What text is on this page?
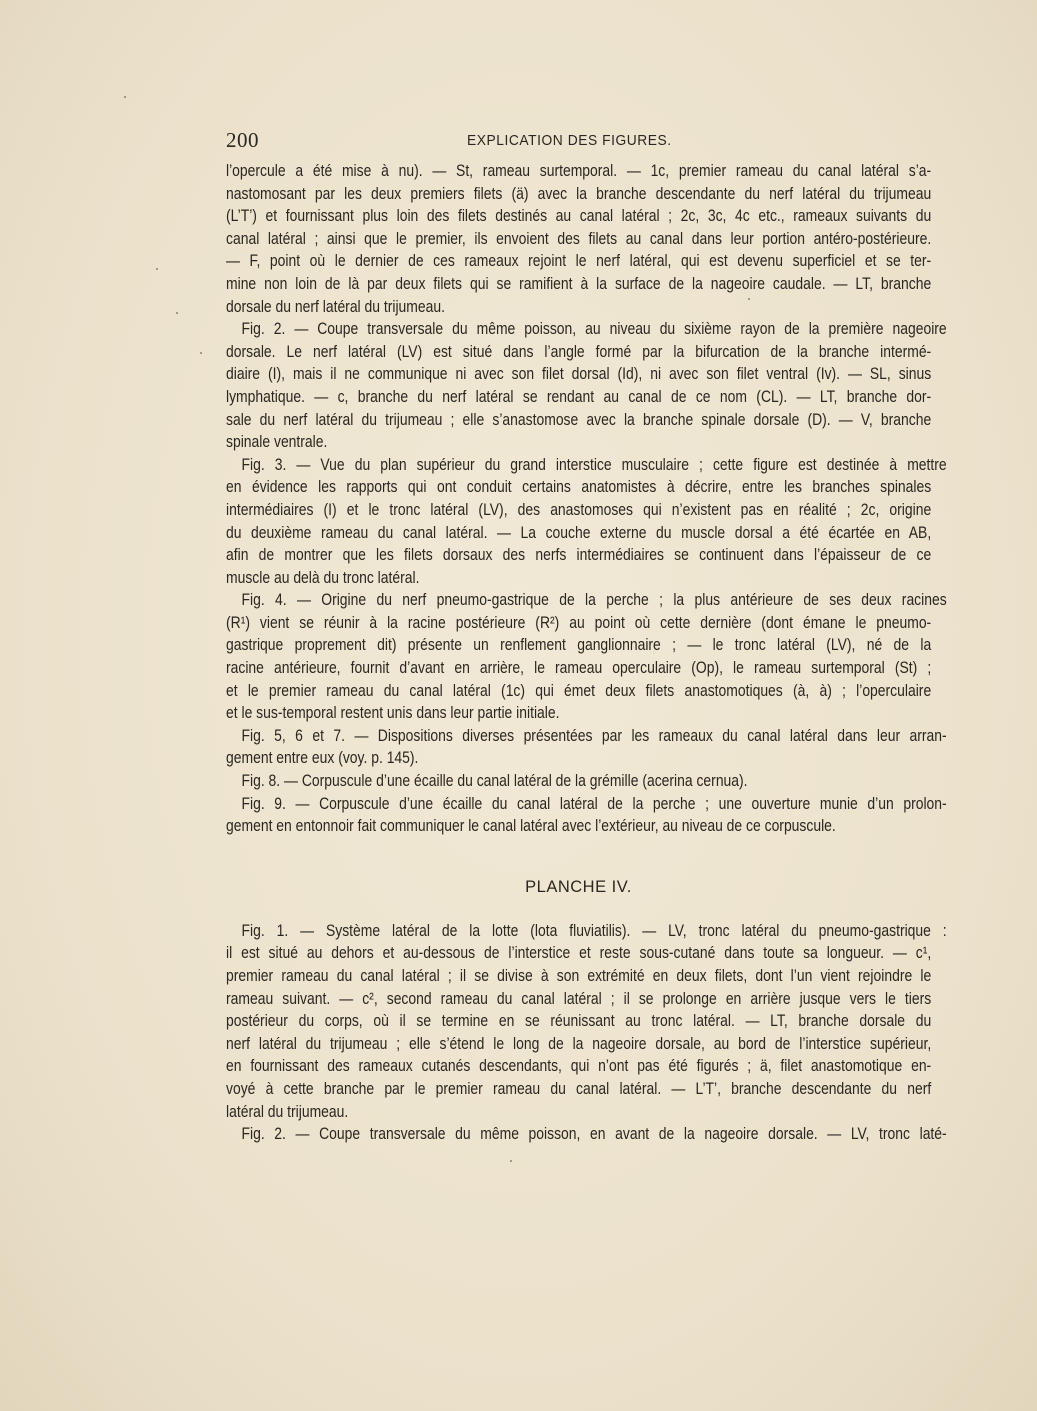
200	EXPLICATION DES FIGURES.
l’opercule a été mise à nu). — St, rameau surtemporal. — 1c, premier rameau du canal latéral s’a-
nastomosant par les deux premiers filets (ä) avec la branche descendante du nerf latéral du trijumeau
(L’T’) et fournissant plus loin des filets destinés au canal latéral ; 2c, 3c, 4c etc., rameaux suivants du
canal latéral ; ainsi que le premier, ils envoient des filets au canal dans leur portion antéro-postérieure.
— F, point où le dernier de ces rameaux rejoint le nerf latéral, qui est devenu superficiel et se ter-
mine non loin de là par deux filets qui se ramifient à la surface de la nageoire caudale. — LT, branche
dorsale du nerf latéral du trijumeau.
Fig. 2. — Coupe transversale du même poisson, au niveau du sixième rayon de la première nageoire
dorsale. Le nerf latéral (LV) est situé dans l’angle formé par la bifurcation de la branche intermé-
diaire (I), mais il ne communique ni avec son filet dorsal (Id), ni avec son filet ventral (Iv). — SL, sinus
lymphatique. — c, branche du nerf latéral se rendant au canal de ce nom (CL). — LT, branche dor-
sale du nerf latéral du trijumeau ; elle s’anastomose avec la branche spinale dorsale (D). — V, branche
spinale ventrale.
Fig. 3. — Vue du plan supérieur du grand interstice musculaire ; cette figure est destinée à mettre
en évidence les rapports qui ont conduit certains anatomistes à décrire, entre les branches spinales
intermédiaires (I) et le tronc latéral (LV), des anastomoses qui n’existent pas en réalité ; 2c, origine
du deuxième rameau du canal latéral. — La couche externe du muscle dorsal a été écartée en AB,
afin de montrer que les filets dorsaux des nerfs intermédiaires se continuent dans l’épaisseur de ce
muscle au delà du tronc latéral.
Fig. 4. — Origine du nerf pneumo-gastrique de la perche ; la plus antérieure de ses deux racines
(R¹) vient se réunir à la racine postérieure (R²) au point où cette dernière (dont émane le pneumo-
gastrique proprement dit) présente un renflement ganglionnaire ; — le tronc latéral (LV), né de la
racine antérieure, fournit d’avant en arrière, le rameau operculaire (Op), le rameau surtemporal (St) ;
et le premier rameau du canal latéral (1c) qui émet deux filets anastomotiques (à, à) ; l’operculaire
et le sus-temporal restent unis dans leur partie initiale.
Fig. 5, 6 et 7. — Dispositions diverses présentées par les rameaux du canal latéral dans leur arran-
gement entre eux (voy. p. 145).
Fig. 8. — Corpuscule d’une écaille du canal latéral de la grémille (acerina cernua).
Fig. 9. — Corpuscule d’une écaille du canal latéral de la perche ; une ouverture munie d’un prolon-
gement en entonnoir fait communiquer le canal latéral avec l’extérieur, au niveau de ce corpuscule.
PLANCHE IV.
Fig. 1. — Système latéral de la lotte (lota fluviatilis). — LV, tronc latéral du pneumo-gastrique :
il est situé au dehors et au-dessous de l’interstice et reste sous-cutané dans toute sa longueur. — c¹,
premier rameau du canal latéral ; il se divise à son extrémité en deux filets, dont l’un vient rejoindre le
rameau suivant. — c², second rameau du canal latéral ; il se prolonge en arrière jusque vers le tiers
postérieur du corps, où il se termine en se réunissant au tronc latéral. — LT, branche dorsale du
nerf latéral du trijumeau ; elle s’étend le long de la nageoire dorsale, au bord de l’interstice supérieur,
en fournissant des rameaux cutanés descendants, qui n’ont pas été figurés ; ä, filet anastomotique en-
voyé à cette branche par le premier rameau du canal latéral. — L’T’, branche descendante du nerf
latéral du trijumeau.
Fig. 2. — Coupe transversale du même poisson, en avant de la nageoire dorsale. — LV, tronc laté-
